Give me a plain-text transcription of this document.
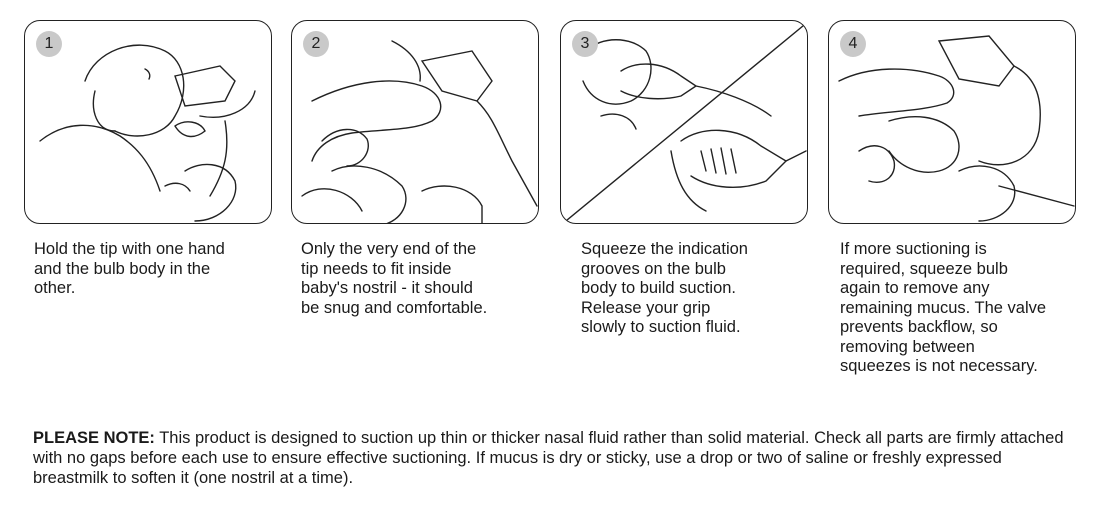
1	2	3	4
Hold the tip with one hand
and the bulb body in the
other.
Only the very end of the
tip needs to fit inside
baby's nostril - it should
be snug and comfortable.
Squeeze the indication
grooves on the bulb
body to build suction.
Release your grip
slowly to suction fluid.
If more suctioning is
required, squeeze bulb
again to remove any
remaining mucus. The valve
prevents backflow, so
removing between
squeezes is not necessary.
PLEASE NOTE: This product is designed to suction up thin or thicker nasal fluid rather than solid material. Check all parts are firmly attached with no gaps before each use to ensure effective suctioning. If mucus is dry or sticky, use a drop or two of saline or freshly expressed breastmilk to soften it (one nostril at a time).
